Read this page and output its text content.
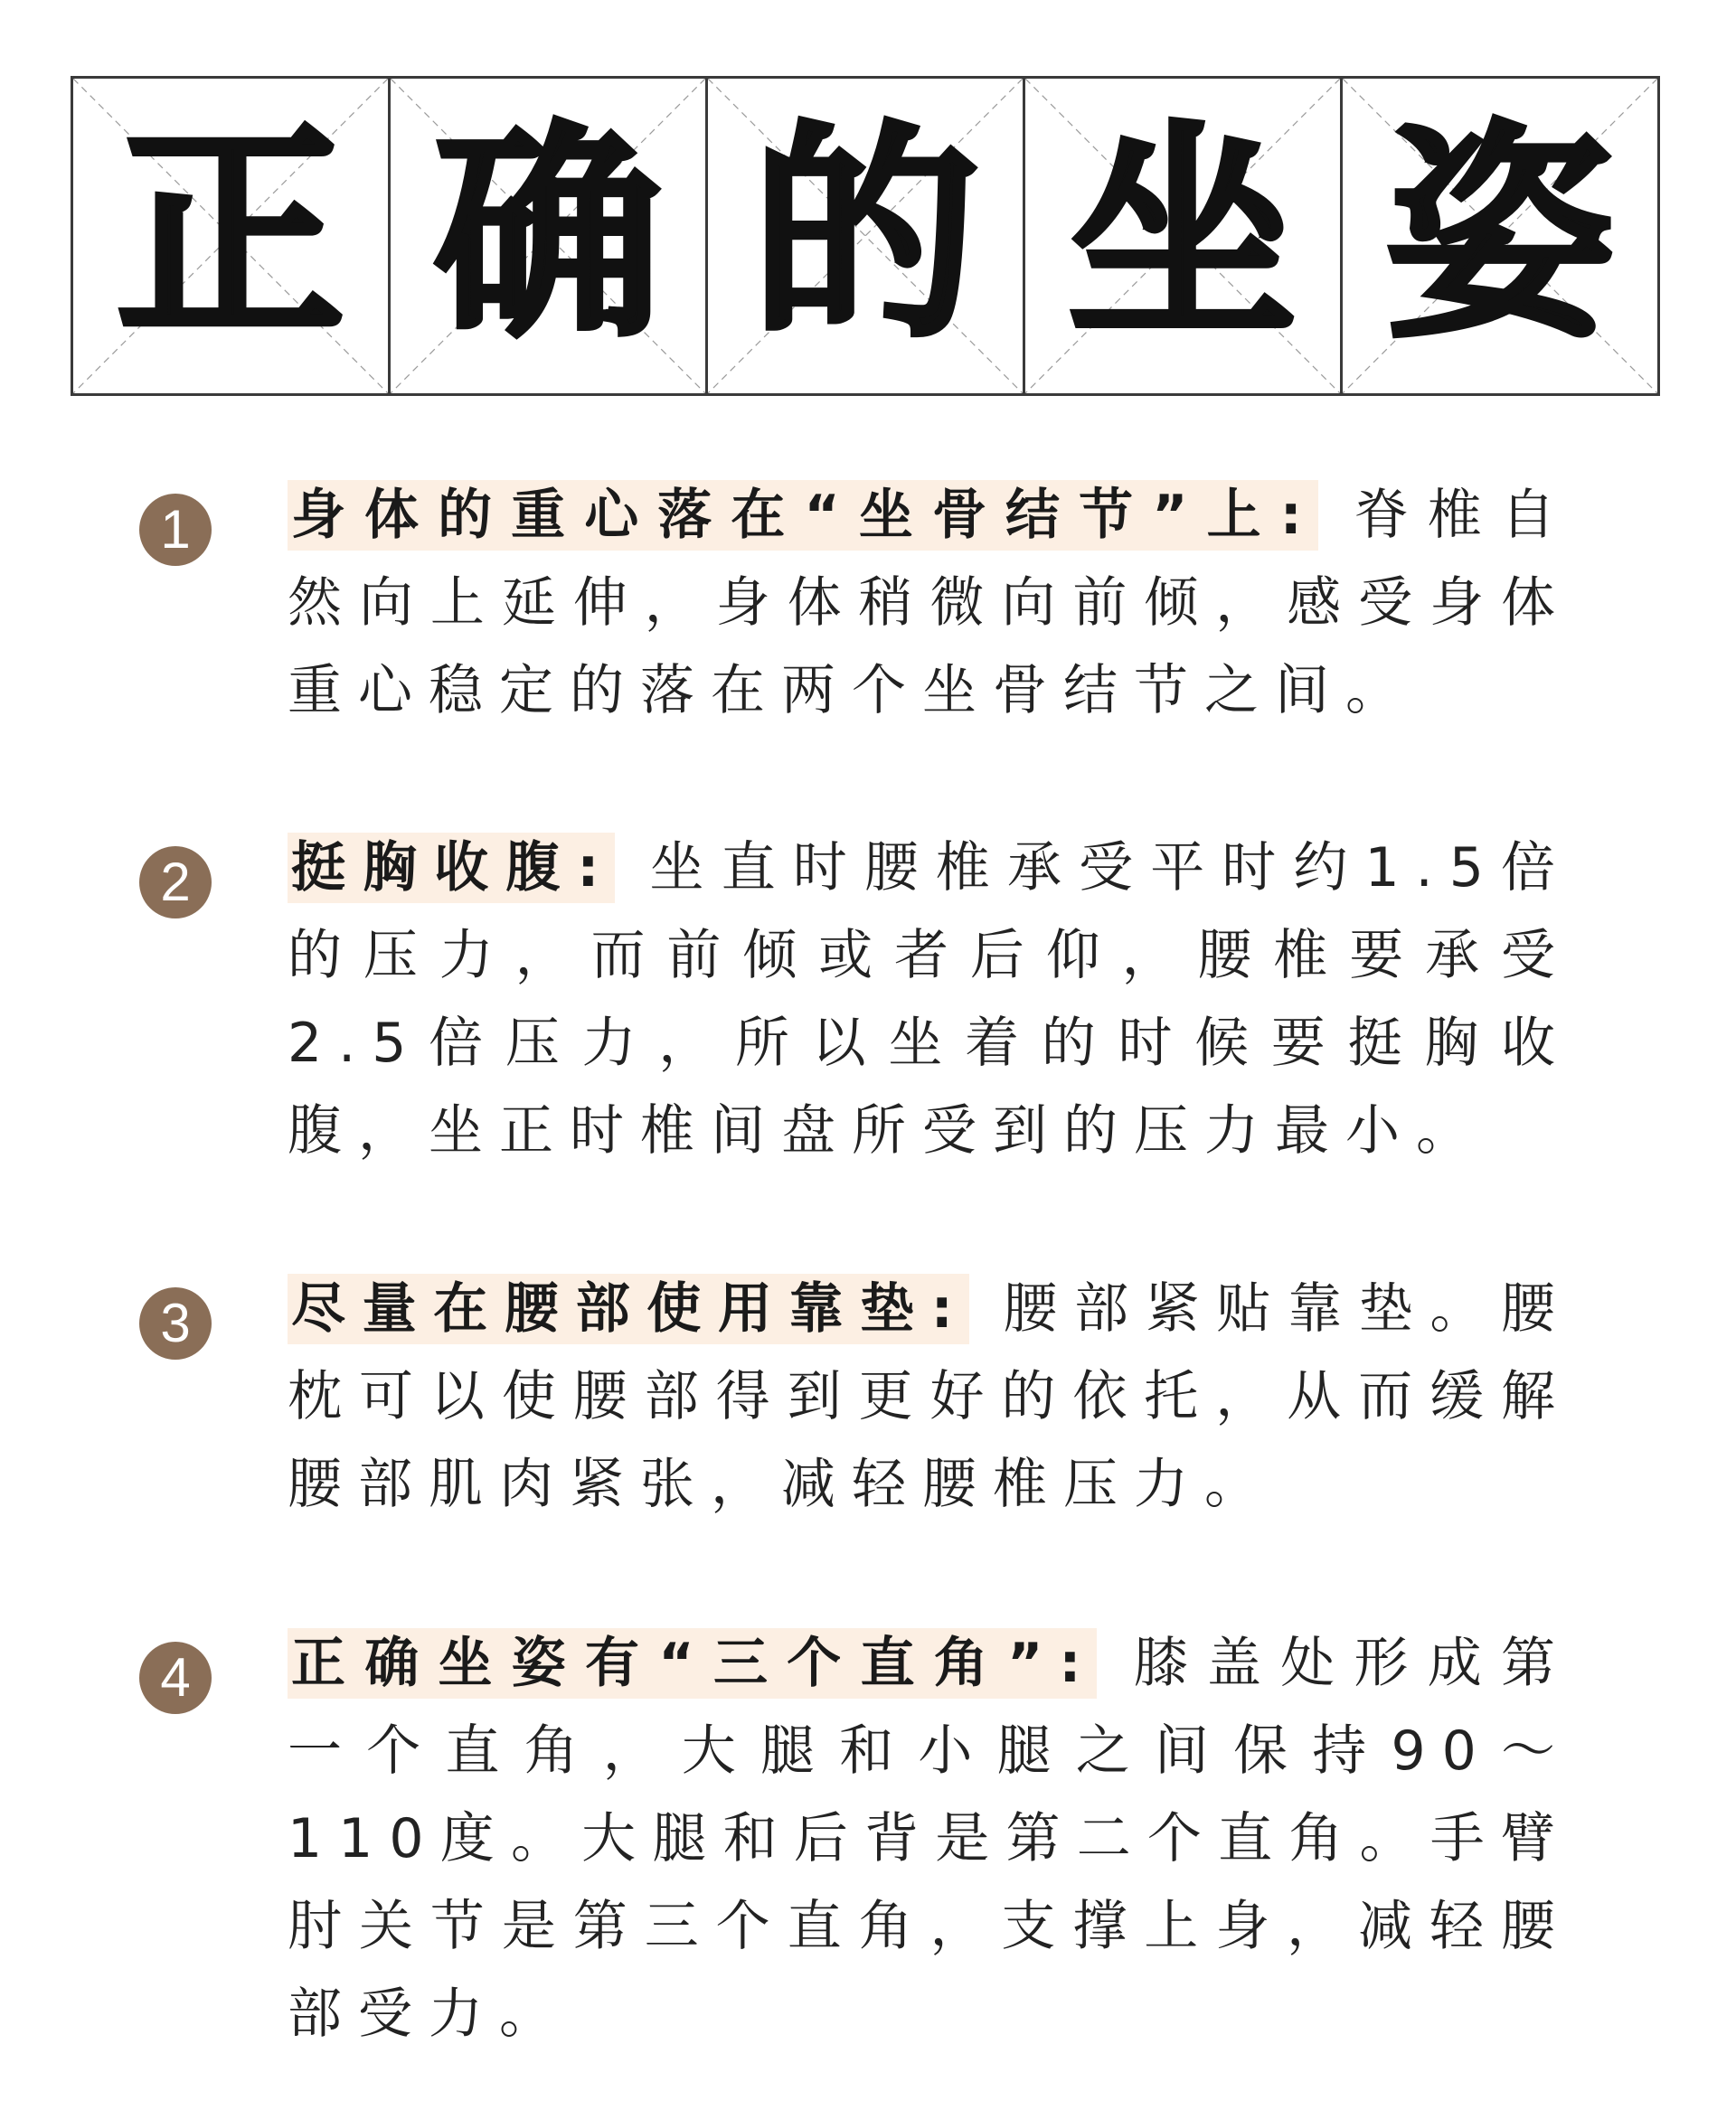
正 确 的 坐 姿
1	身体的重心落在“坐骨结节”上: 脊椎自然向上延伸，身体稍微向前倾，感受身体重心稳定的落在两个坐骨结节之间。

2	挺胸收腹: 坐直时腰椎承受平时约1.5倍的压力，而前倾或者后仰，腰椎要承受2.5倍压力，所以坐着的时候要挺胸收腹，坐正时椎间盘所受到的压力最小。

3	尽量在腰部使用靠垫: 腰部紧贴靠垫。腰枕可以使腰部得到更好的依托，从而缓解腰部肌肉紧张，减轻腰椎压力。

4	正确坐姿有“三个直角”: 膝盖处形成第一个直角，大腿和小腿之间保持90～110度。大腿和后背是第二个直角。手臂肘关节是第三个直角，支撑上身，减轻腰部受力。
